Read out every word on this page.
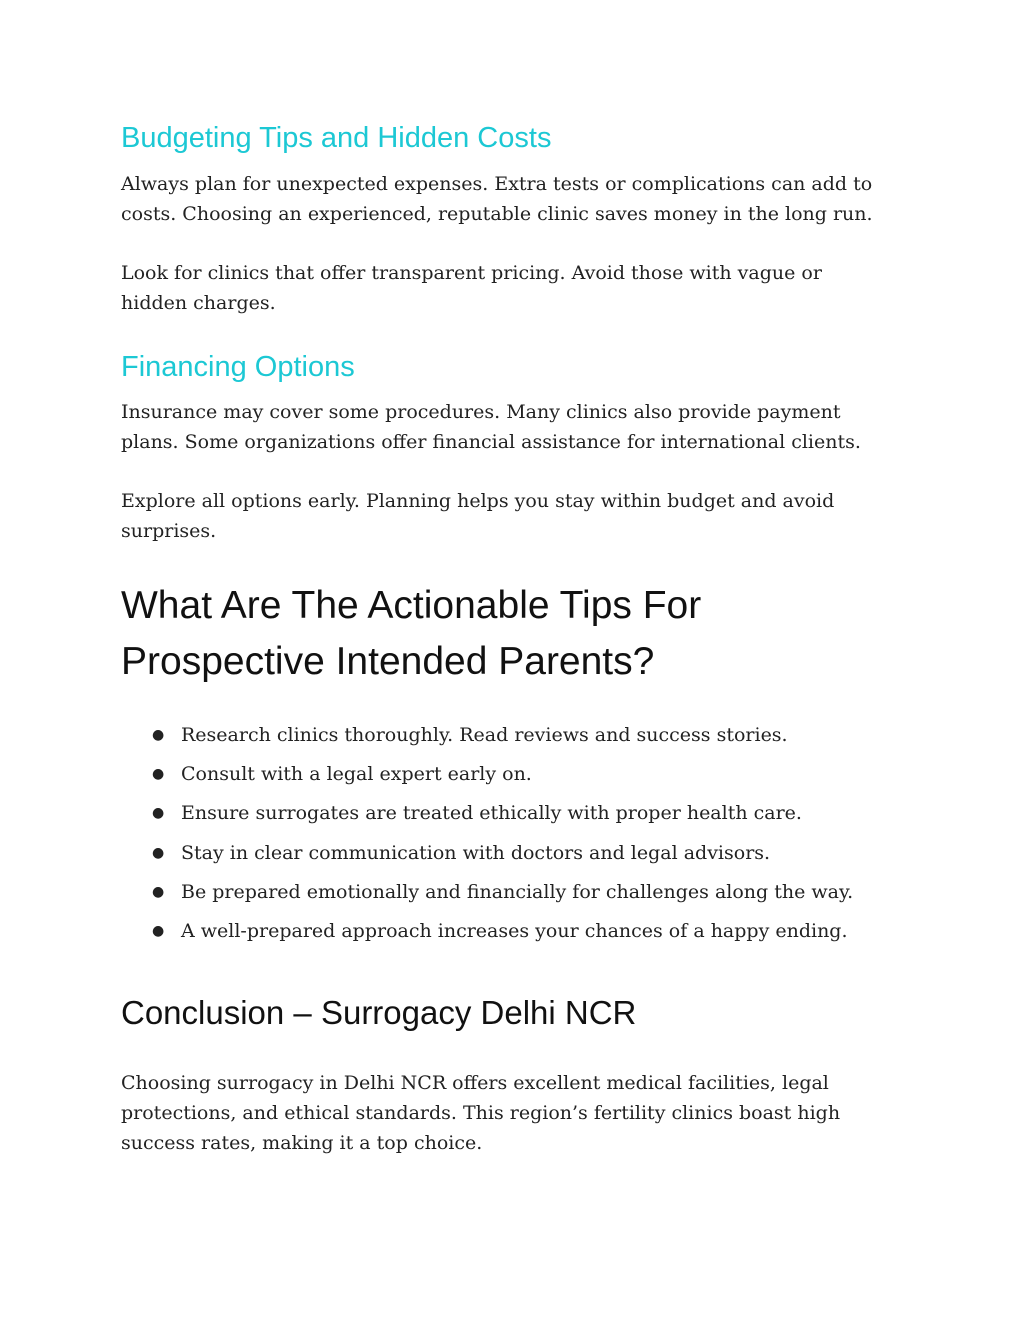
Budgeting Tips and Hidden Costs

Always plan for unexpected expenses. Extra tests or complications can add to
costs. Choosing an experienced, reputable clinic saves money in the long run.

Look for clinics that offer transparent pricing. Avoid those with vague or
hidden charges.

Financing Options

Insurance may cover some procedures. Many clinics also provide payment
plans. Some organizations offer financial assistance for international clients.

Explore all options early. Planning helps you stay within budget and avoid
surprises.

What Are The Actionable Tips For
Prospective Intended Parents?
● Research clinics thoroughly. Read reviews and success stories.
● Consult with a legal expert early on.
● Ensure surrogates are treated ethically with proper health care.
● Stay in clear communication with doctors and legal advisors.
● Be prepared emotionally and financially for challenges along the way.
● A well-prepared approach increases your chances of a happy ending.
Conclusion – Surrogacy Delhi NCR

Choosing surrogacy in Delhi NCR offers excellent medical facilities, legal
protections, and ethical standards. This region’s fertility clinics boast high
success rates, making it a top choice.
